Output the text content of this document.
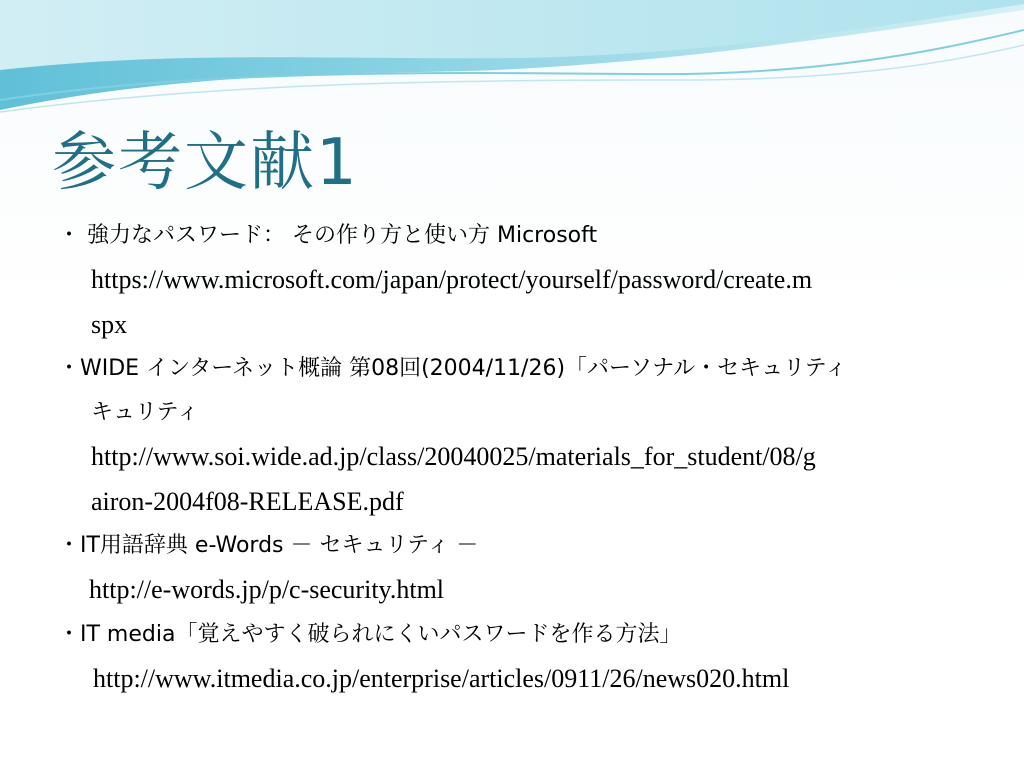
参考文献1
・ 強力なパスワード： その作り方と使い方 Microsoft
https://www.microsoft.com/japan/protect/yourself/password/create.m
spx
・WIDE インターネット概論 第08回(2004/11/26)「パーソナル・セキュリティ
キュリティ
http://www.soi.wide.ad.jp/class/20040025/materials_for_student/08/g
airon-2004f08-RELEASE.pdf
・IT用語辞典 e-Words － セキュリティ －
http://e-words.jp/p/c-security.html
・IT media「覚えやすく破られにくいパスワードを作る方法」
http://www.itmedia.co.jp/enterprise/articles/0911/26/news020.html
